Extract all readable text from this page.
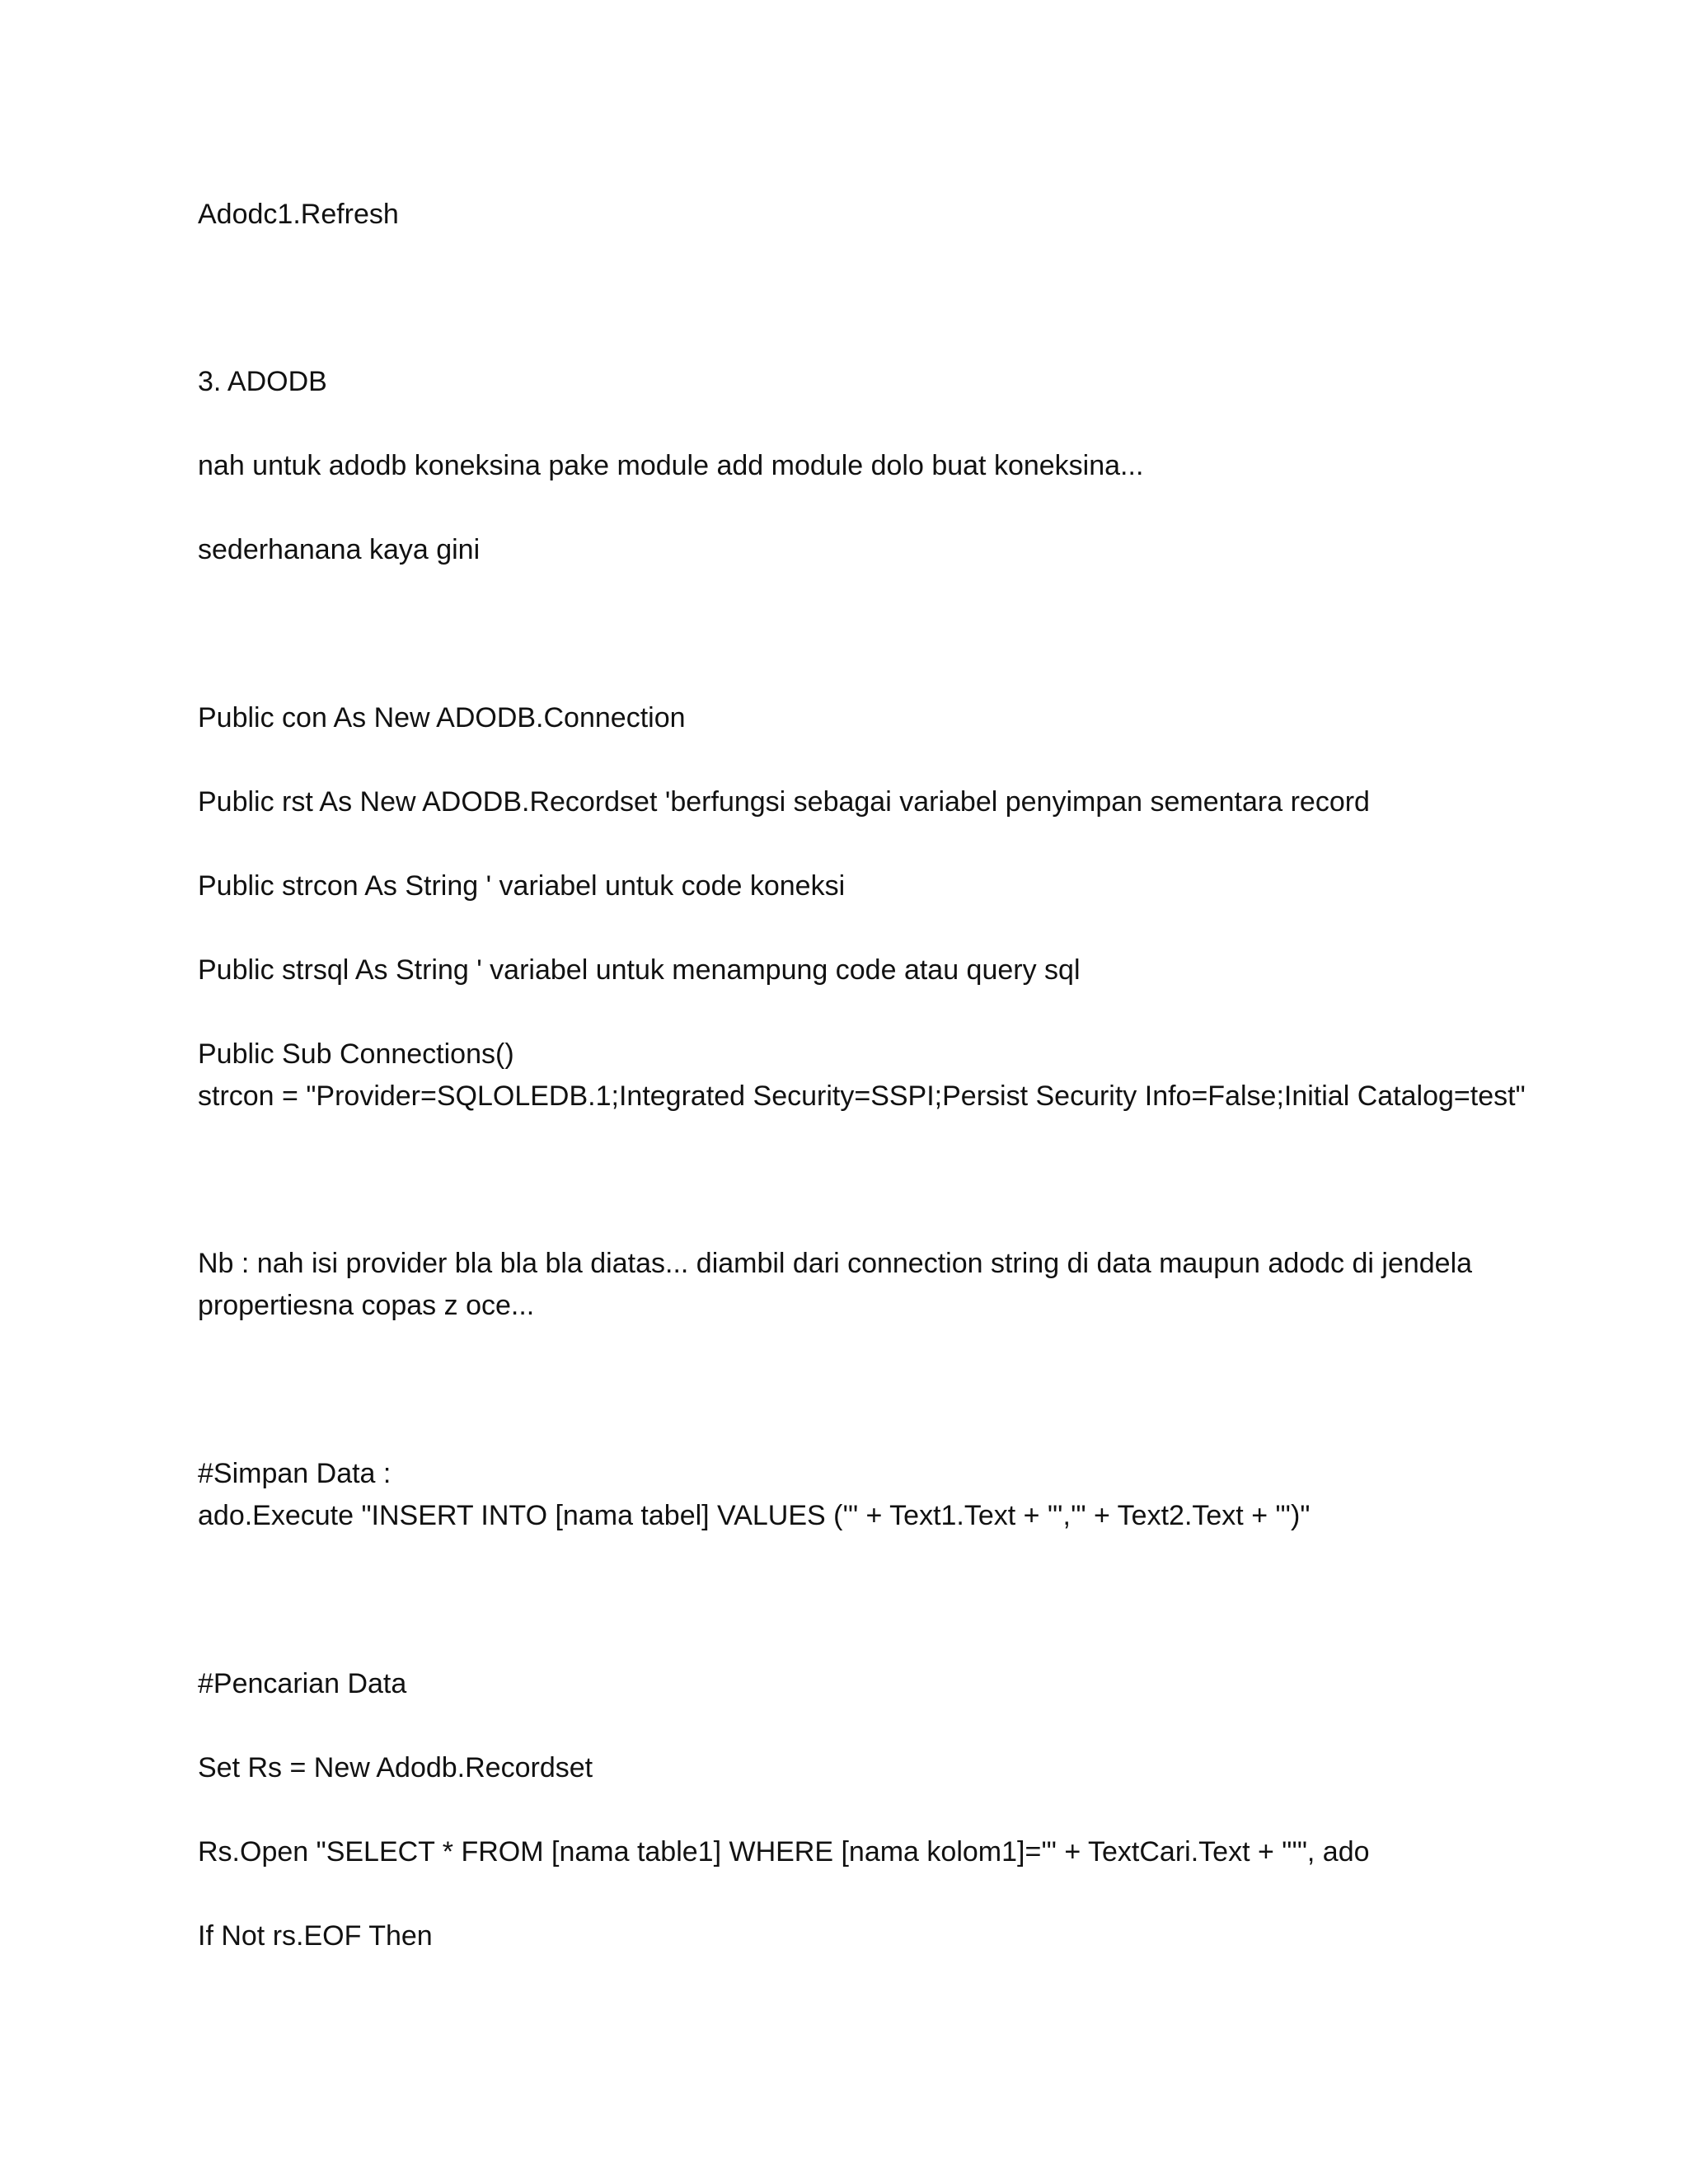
Adodc1.Refresh
3. ADODB
nah untuk adodb koneksina pake module add module dolo buat koneksina...
sederhanana kaya gini
Public con As New ADODB.Connection
Public rst As New ADODB.Recordset 'berfungsi sebagai variabel penyimpan sementara record
Public strcon As String ' variabel untuk code koneksi
Public strsql As String ' variabel untuk menampung code atau query sql
Public Sub Connections()
strcon = "Provider=SQLOLEDB.1;Integrated Security=SSPI;Persist Security Info=False;Initial Catalog=test"
Nb : nah isi provider bla bla bla diatas... diambil dari connection string di data maupun adodc di jendela
propertiesna copas z oce...
#Simpan Data :
ado.Execute "INSERT INTO [nama tabel] VALUES ('" + Text1.Text + "','" + Text2.Text + "')"
#Pencarian Data
Set Rs = New Adodb.Recordset
Rs.Open "SELECT * FROM [nama table1] WHERE [nama kolom1]='" + TextCari.Text + "'", ado
If Not rs.EOF Then
